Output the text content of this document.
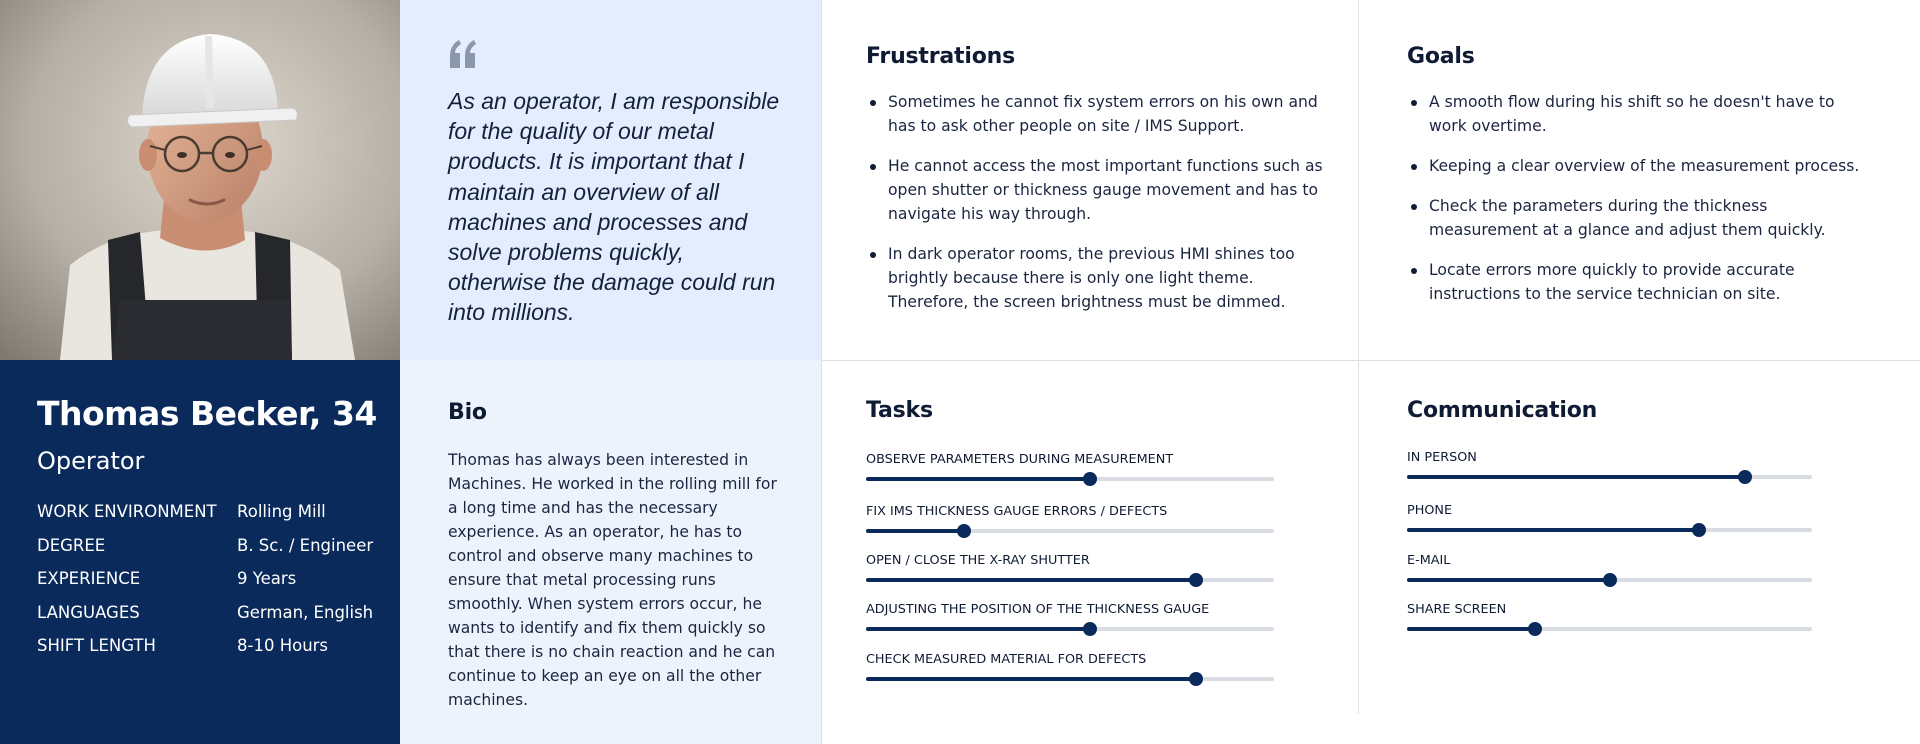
As an operator, I am responsible for the quality of our metal products. It is important that I maintain an overview of all machines and processes and solve problems quickly, otherwise the damage could run into millions.

Frustrations
Sometimes he cannot fix system errors on his own and has to ask other people on site / IMS Support.
He cannot access the most important functions such as open shutter or thickness gauge movement and has to navigate his way through.
In dark operator rooms, the previous HMI shines too brightly because there is only one light theme. Therefore, the screen brightness must be dimmed.
Goals
A smooth flow during his shift so he doesn't have to work overtime.
Keeping a clear overview of the measurement process.
Check the parameters during the thickness measurement at a glance and adjust them quickly.
Locate errors more quickly to provide accurate instructions to the service technician on site.
Thomas Becker, 34
Operator
WORK ENVIRONMENT Rolling Mill
DEGREE	B. Sc. / Engineer
EXPERIENCE	9 Years
LANGUAGES	German, English
SHIFT LENGTH	8-10 Hours
Bio

Thomas has always been interested in Machines. He worked in the rolling mill for a long time and has the necessary experience. As an operator, he has to control and observe many machines to ensure that metal processing runs smoothly. When system errors occur, he wants to identify and fix them quickly so that there is no chain reaction and he can continue to keep an eye on all the other machines.

Tasks
OBSERVE PARAMETERS DURING MEASUREMENT
FIX IMS THICKNESS GAUGE ERRORS / DEFECTS
OPEN / CLOSE THE X-RAY SHUTTER
ADJUSTING THE POSITION OF THE THICKNESS GAUGE
CHECK MEASURED MATERIAL FOR DEFECTS
Communication
IN PERSON
PHONE
E-MAIL
SHARE SCREEN
